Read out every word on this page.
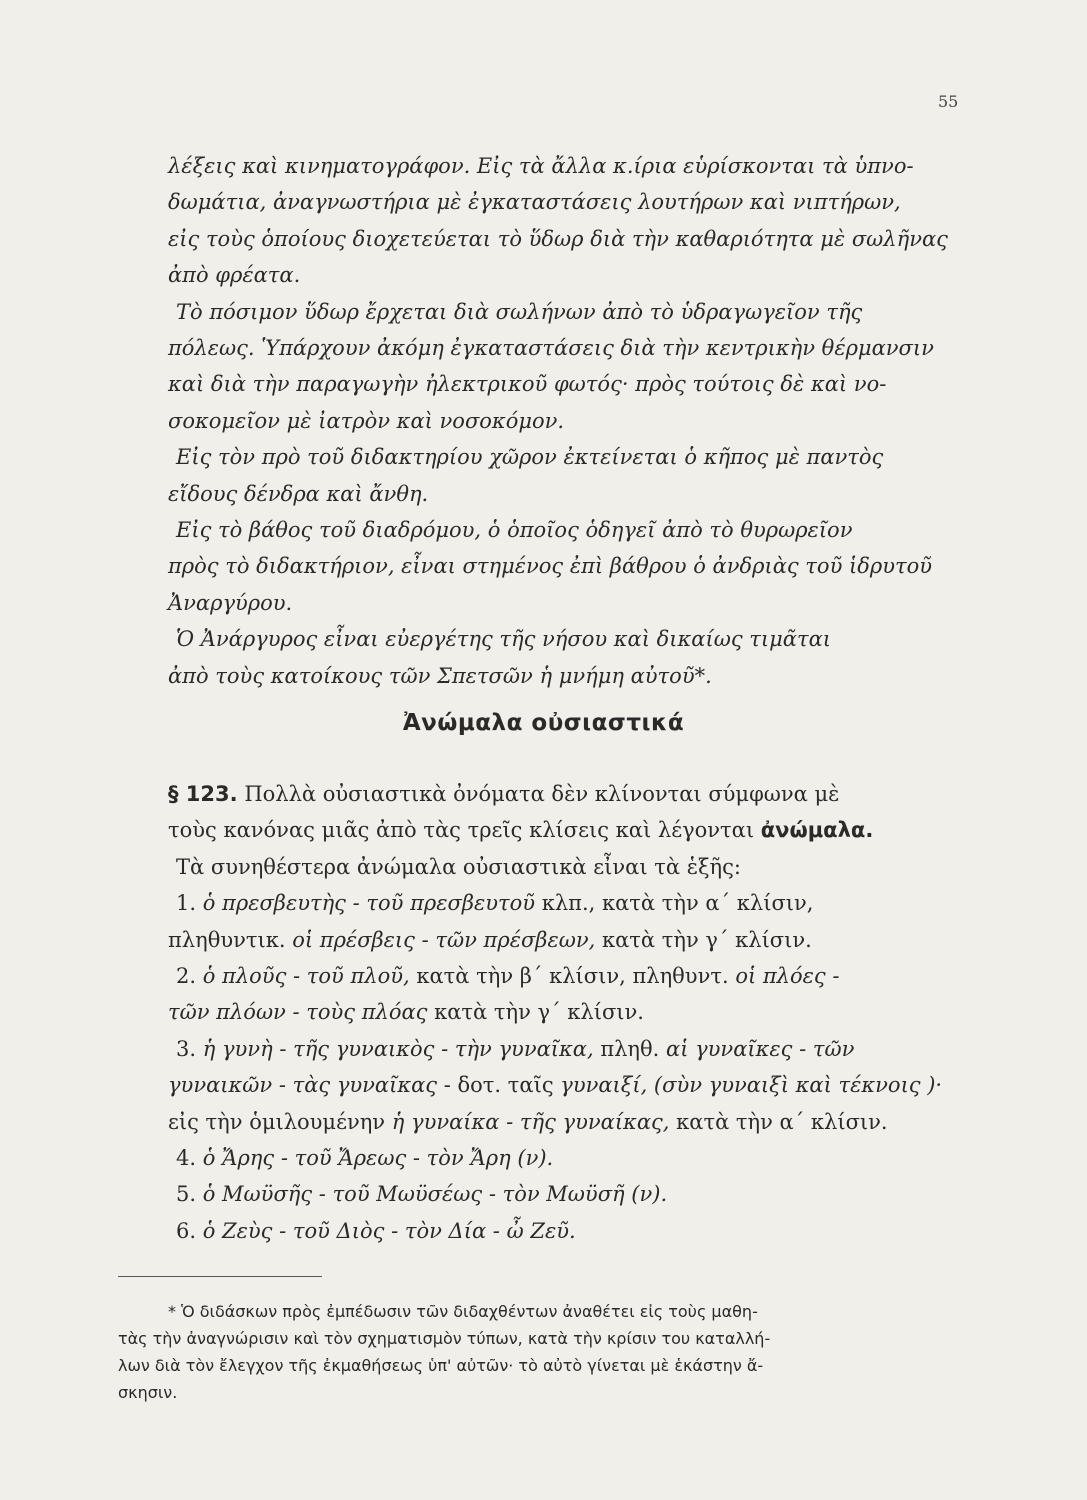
55
λέξεις καὶ κινηματογράφον. Εἰς τὰ ἄλλα κ.ίρια εὑρίσκονται τὰ ὑπνο-
δωμάτια, ἀναγνωστήρια μὲ ἐγκαταστάσεις λουτήρων καὶ νιπτήρων,
εἰς τοὺς ὁποίους διοχετεύεται τὸ ὕδωρ διὰ τὴν καθαριότητα μὲ σωλῆνας
ἀπὸ φρέατα.
Τὸ πόσιμον ὕδωρ ἔρχεται διὰ σωλήνων ἀπὸ τὸ ὑδραγωγεῖον τῆς
πόλεως. Ὑπάρχουν ἀκόμη ἐγκαταστάσεις διὰ τὴν κεντρικὴν θέρμανσιν
καὶ διὰ τὴν παραγωγὴν ἠλεκτρικοῦ φωτός· πρὸς τούτοις δὲ καὶ νο-
σοκομεῖον μὲ ἰατρὸν καὶ νοσοκόμον.
Εἰς τὸν πρὸ τοῦ διδακτηρίου χῶρον ἐκτείνεται ὁ κῆπος μὲ παντὸς
εἴδους δένδρα καὶ ἄνθη.
Εἰς τὸ βάθος τοῦ διαδρόμου, ὁ ὁποῖος ὁδηγεῖ ἀπὸ τὸ θυρωρεῖον
πρὸς τὸ διδακτήριον, εἶναι στημένος ἐπὶ βάθρου ὁ ἀνδριὰς τοῦ ἱδρυτοῦ
Ἀναργύρου.
Ὁ Ἀνάργυρος εἶναι εὐεργέτης τῆς νήσου καὶ δικαίως τιμᾶται
ἀπὸ τοὺς κατοίκους τῶν Σπετσῶν ἡ μνήμη αὐτοῦ*.
Ἀνώμαλα οὐσιαστικά
§ 123. Πολλὰ οὐσιαστικὰ ὀνόματα δὲν κλίνονται σύμφωνα μὲ
τοὺς κανόνας μιᾶς ἀπὸ τὰς τρεῖς κλίσεις καὶ λέγονται ἀνώμαλα.
Τὰ συνηθέστερα ἀνώμαλα οὐσιαστικὰ εἶναι τὰ ἑξῆς:
1. ὁ πρεσβευτὴς - τοῦ πρεσβευτοῦ κλπ., κατὰ τὴν α΄ κλίσιν,
πληθυντικ. οἱ πρέσβεις - τῶν πρέσβεων, κατὰ τὴν γ΄ κλίσιν.
2. ὁ πλοῦς - τοῦ πλοῦ, κατὰ τὴν β΄ κλίσιν, πληθυντ. οἱ πλόες -
τῶν πλόων - τοὺς πλόας κατὰ τὴν γ΄ κλίσιν.
3. ἡ γυνὴ - τῆς γυναικὸς - τὴν γυναῖκα, πληθ. αἱ γυναῖκες - τῶν
γυναικῶν - τὰς γυναῖκας - δοτ. ταῖς γυναιξί, (σὺν γυναιξὶ καὶ τέκνοις )·
εἰς τὴν ὁμιλουμένην ἡ γυναίκα - τῆς γυναίκας, κατὰ τὴν α΄ κλίσιν.
4. ὁ Ἄρης - τοῦ Ἄρεως - τὸν Ἄρη (ν).
5. ὁ Μωϋσῆς - τοῦ Μωϋσέως - τὸν Μωϋσῆ (ν).
6. ὁ Ζεὺς - τοῦ Διὸς - τὸν Δία - ὦ Ζεῦ.
* Ὁ διδάσκων πρὸς ἐμπέδωσιν τῶν διδαχθέντων ἀναθέτει εἰς τοὺς μαθη-
τὰς τὴν ἀναγνώρισιν καὶ τὸν σχηματισμὸν τύπων, κατὰ τὴν κρίσιν του καταλλή-
λων διὰ τὸν ἔλεγχον τῆς ἐκμαθήσεως ὑπ' αὐτῶν· τὸ αὐτὸ γίνεται μὲ ἑκάστην ἄ-
σκησιν.
